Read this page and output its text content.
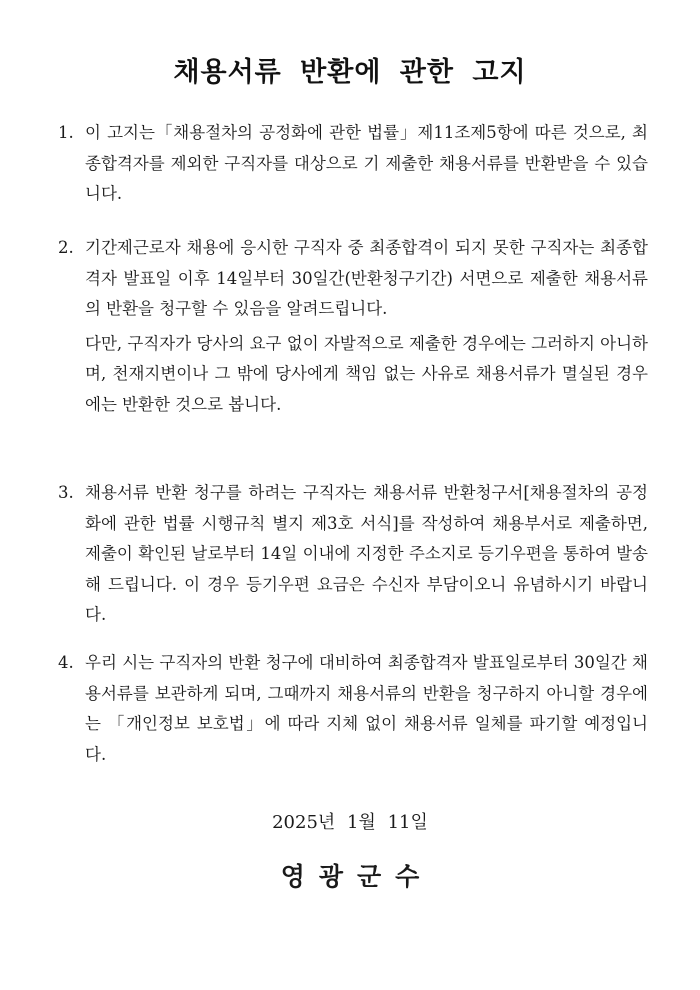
채용서류 반환에 관한 고지
1. 이 고지는「채용절차의 공정화에 관한 법률」제11조제5항에 따른 것으로, 최종합격자를 제외한 구직자를 대상으로 기 제출한 채용서류를 반환받을 수 있습니다.

2. 기간제근로자 채용에 응시한 구직자 중 최종합격이 되지 못한 구직자는 최종합격자 발표일 이후 14일부터 30일간(반환청구기간) 서면으로 제출한 채용서류의 반환을 청구할 수 있음을 알려드립니다.

다만, 구직자가 당사의 요구 없이 자발적으로 제출한 경우에는 그러하지 아니하며, 천재지변이나 그 밖에 당사에게 책임 없는 사유로 채용서류가 멸실된 경우에는 반환한 것으로 봅니다.

3. 채용서류 반환 청구를 하려는 구직자는 채용서류 반환청구서[채용절차의 공정화에 관한 법률 시행규칙 별지 제3호 서식]를 작성하여 채용부서로 제출하면, 제출이 확인된 날로부터 14일 이내에 지정한 주소지로 등기우편을 통하여 발송해 드립니다. 이 경우 등기우편 요금은 수신자 부담이오니 유념하시기 바랍니다.

4. 우리 시는 구직자의 반환 청구에 대비하여 최종합격자 발표일로부터 30일간 채용서류를 보관하게 되며, 그때까지 채용서류의 반환을 청구하지 아니할 경우에는 「개인정보 보호법」에 따라 지체 없이 채용서류 일체를 파기할 예정입니다.

2025년 1월 11일
영광군수
